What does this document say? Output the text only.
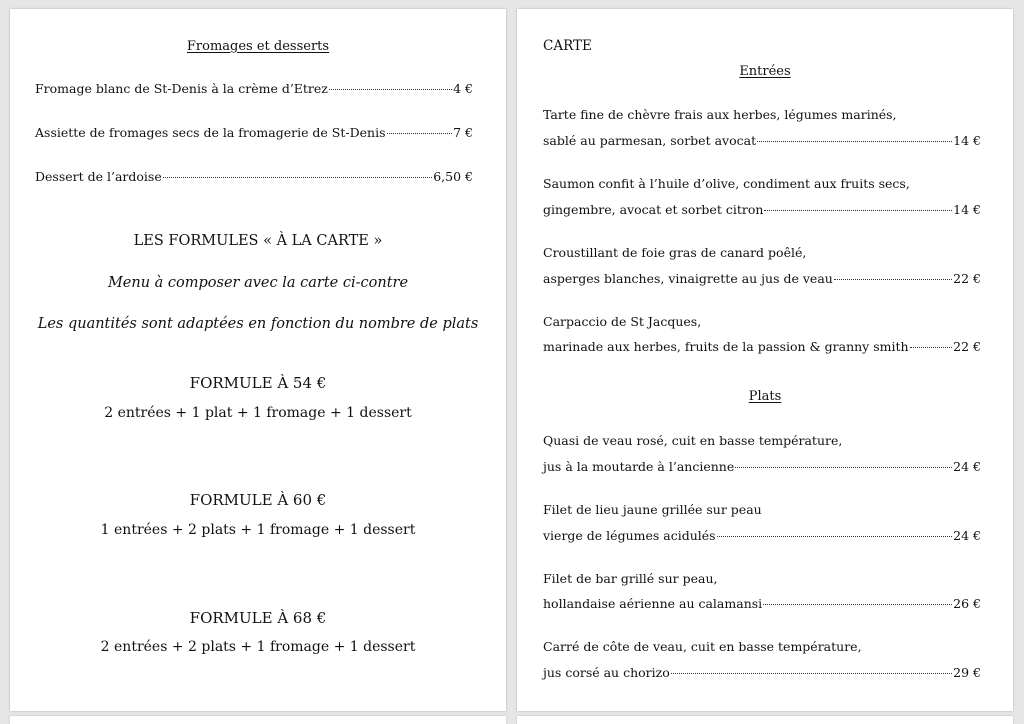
Fromages et desserts
Fromage blanc de St-Denis à la crème d’Etrez	4 €
Assiette de fromages secs de la fromagerie de St-Denis	7 €
Dessert de l’ardoise	6,50 €
LES FORMULES « À LA CARTE »
Menu à composer avec la carte ci-contre
Les quantités sont adaptées en fonction du nombre de plats
FORMULE À 54 €
2 entrées + 1 plat + 1 fromage + 1 dessert
FORMULE À 60 €
1 entrées + 2 plats + 1 fromage + 1 dessert
FORMULE À 68 €
2 entrées + 2 plats + 1 fromage + 1 dessert
CARTE
Entrées
Tarte fine de chèvre frais aux herbes, légumes marinés,
sablé au parmesan, sorbet avocat	14 €
Saumon confit à l’huile d’olive, condiment aux fruits secs,
gingembre, avocat et sorbet citron	14 €
Croustillant de foie gras de canard poêlé,
asperges blanches, vinaigrette au jus de veau	22 €
Carpaccio de St Jacques,
marinade aux herbes, fruits de la passion & granny smith	22 €
Plats
Quasi de veau rosé, cuit en basse température,
jus à la moutarde à l’ancienne	24 €
Filet de lieu jaune grillée sur peau
vierge de légumes acidulés	24 €
Filet de bar grillé sur peau,
hollandaise aérienne au calamansi	26 €
Carré de côte de veau, cuit en basse température,
jus corsé au chorizo	29 €
